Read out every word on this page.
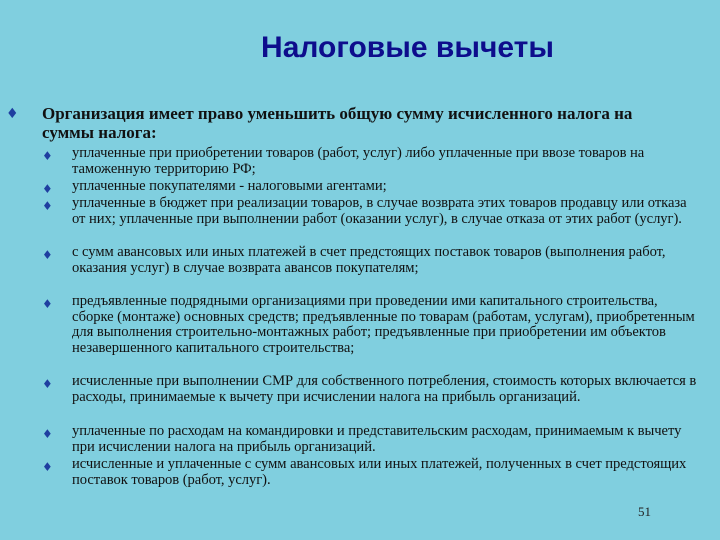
Налоговые вычеты
♦ Организация имеет право уменьшить общую сумму исчисленного налога на суммы налога:
♦ уплаченные при приобретении товаров (работ, услуг) либо уплаченные при ввозе товаров на таможенную территорию РФ;
♦ уплаченные покупателями - налоговыми агентами;
♦ уплаченные в бюджет при реализации товаров, в случае возврата этих товаров продавцу или отказа от них; уплаченные при выполнении работ (оказании услуг), в случае отказа от этих работ (услуг).
♦ с сумм авансовых или иных платежей в счет предстоящих поставок товаров (выполнения работ, оказания услуг) в случае возврата авансов покупателям;
♦ предъявленные подрядными организациями при проведении ими капитального строительства, сборке (монтаже) основных средств; предъявленные по товарам (работам, услугам), приобретенным для выполнения строительно-монтажных работ; предъявленные при приобретении им объектов незавершенного капитального строительства;
♦ исчисленные при выполнении СМР для собственного потребления, стоимость которых включается в расходы, принимаемые к вычету при исчислении налога на прибыль организаций.
♦ уплаченные по расходам на командировки и представительским расходам, принимаемым к вычету при исчислении налога на прибыль организаций.
♦ исчисленные и уплаченные с сумм авансовых или иных платежей, полученных в счет предстоящих поставок товаров (работ, услуг).
51
